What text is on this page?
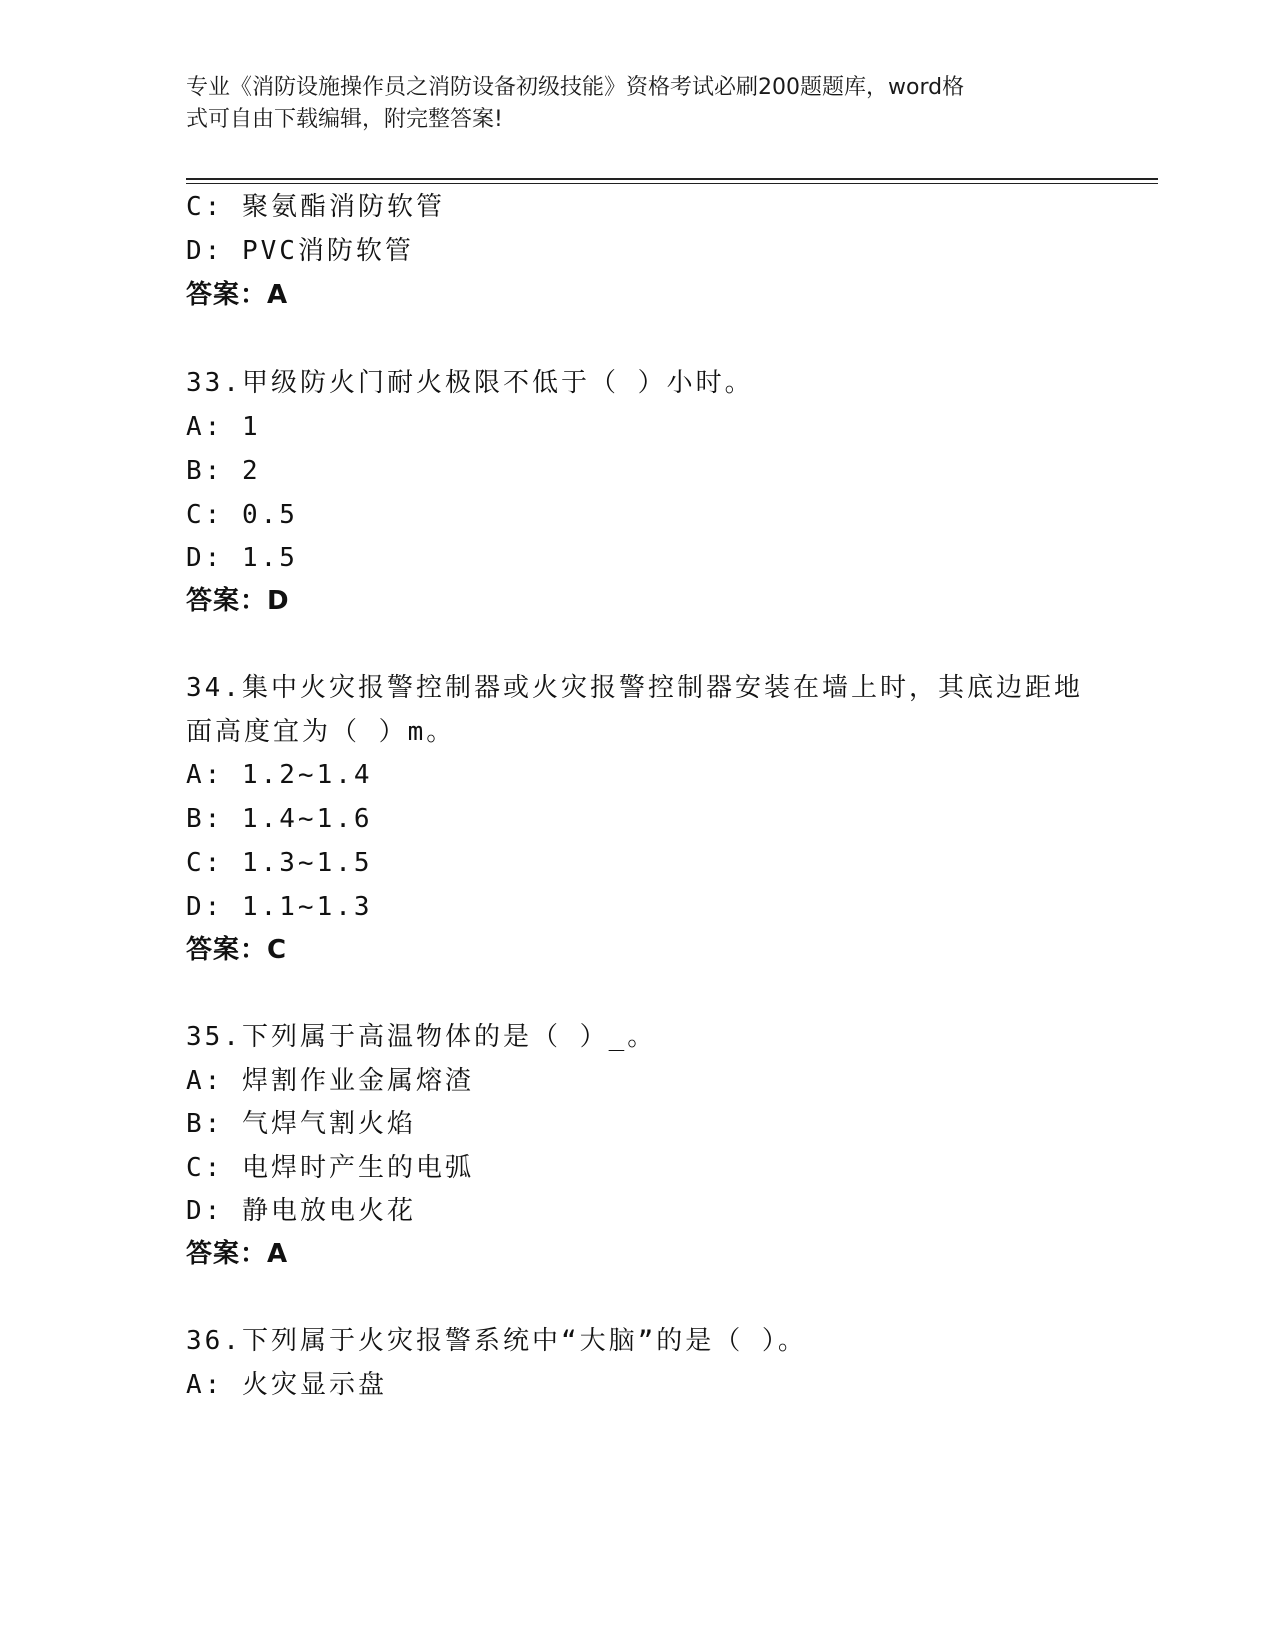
专业《消防设施操作员之消防设备初级技能》资格考试必刷200题题库，word格
式可自由下载编辑，附完整答案!
C: 聚氨酯消防软管
D: PVC消防软管
答案：A
33.甲级防火门耐火极限不低于（ ）小时。
A: 1
B: 2
C: 0.5
D: 1.5
答案：D
34.集中火灾报警控制器或火灾报警控制器安装在墙上时，其底边距地
面高度宜为（ ）m。
A: 1.2~1.4
B: 1.4~1.6
C: 1.3~1.5
D: 1.1~1.3
答案：C
35.下列属于高温物体的是（ ）_。
A: 焊割作业金属熔渣
B: 气焊气割火焰
C: 电焊时产生的电弧
D: 静电放电火花
答案：A
36.下列属于火灾报警系统中“大脑”的是（ ）。
A: 火灾显示盘
